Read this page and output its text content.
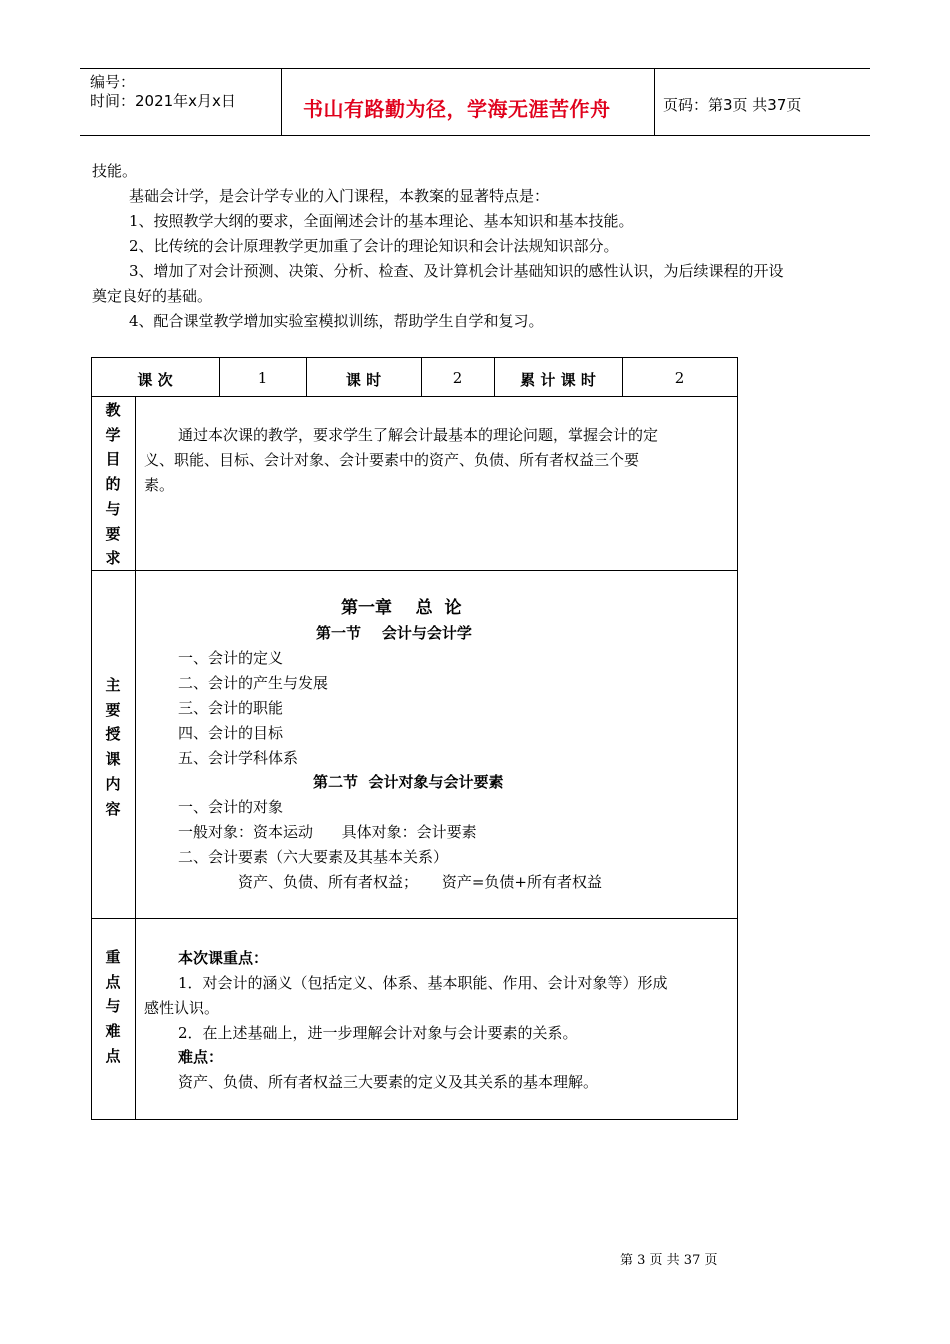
编号：
时间：2021年x月x日	书山有路勤为径，学海无涯苦作舟	页码：第3页 共37页
技能。
基础会计学，是会计学专业的入门课程，本教案的显著特点是：
1、按照教学大纲的要求，全面阐述会计的基本理论、基本知识和基本技能。
2、比传统的会计原理教学更加重了会计的理论知识和会计法规知识部分。
3、增加了对会计预测、决策、分析、检查、及计算机会计基础知识的感性认识，为后续课程的开设
奠定良好的基础。
4、配合课堂教学增加实验室模拟训练，帮助学生自学和复习。
课 次	1	课 时	2	累 计 课 时	2
教
学
目
的
与
要
求
通过本次课的教学，要求学生了解会计最基本的理论问题，掌握会计的定
义、职能、目标、会计对象、会计要素中的资产、负债、所有者权益三个要
素。
主
要
授
课
内
容
第一章    总  论
第一节    会计与会计学
一、会计的定义
二、会计的产生与发展
三、会计的职能
四、会计的目标
五、会计学科体系
第二节  会计对象与会计要素
一、会计的对象
一般对象：资本运动      具体对象：会计要素
二、会计要素（六大要素及其基本关系）
资产、负债、所有者权益；     资产=负债+所有者权益
重
点
与
难
点
本次课重点：
1．对会计的涵义（包括定义、体系、基本职能、作用、会计对象等）形成
感性认识。
2．在上述基础上，进一步理解会计对象与会计要素的关系。
难点：
资产、负债、所有者权益三大要素的定义及其关系的基本理解。
第 3 页 共 37 页
